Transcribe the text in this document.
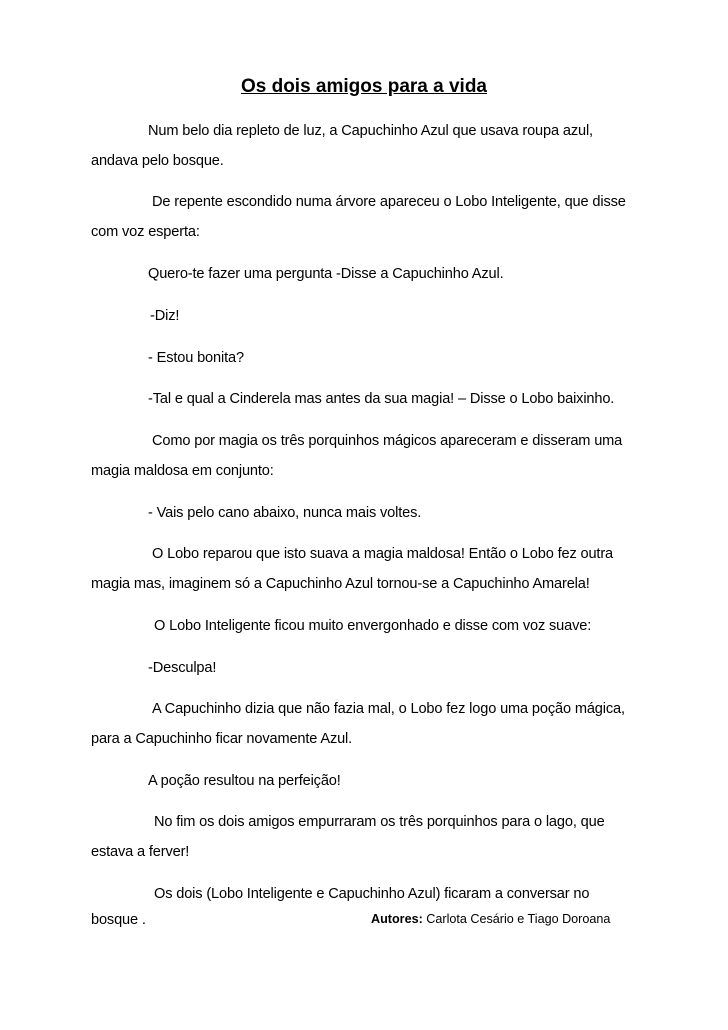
Os dois amigos para a vida
Num belo dia repleto de luz, a Capuchinho Azul que usava roupa azul,
andava pelo bosque.
De repente escondido numa árvore apareceu o Lobo Inteligente, que disse
com voz esperta:
Quero-te fazer uma pergunta -Disse a Capuchinho Azul.
-Diz!
- Estou bonita?
-Tal e qual a Cinderela mas antes da sua magia! – Disse o Lobo baixinho.
Como por magia os três porquinhos mágicos apareceram e disseram uma
magia maldosa em conjunto:
- Vais pelo cano abaixo, nunca mais voltes.
O Lobo reparou que isto suava a magia maldosa! Então o Lobo fez outra
magia mas, imaginem só a Capuchinho Azul tornou-se a Capuchinho Amarela!
O Lobo Inteligente ficou muito envergonhado e disse com voz suave:
-Desculpa!
A Capuchinho dizia que não fazia mal, o Lobo fez logo uma poção mágica,
para a Capuchinho ficar novamente Azul.
A poção resultou na perfeição!
No fim os dois amigos empurraram os três porquinhos para o lago, que
estava a ferver!
Os dois (Lobo Inteligente e Capuchinho Azul) ficaram a conversar no
bosque .	Autores: Carlota Cesário e Tiago Doroana
